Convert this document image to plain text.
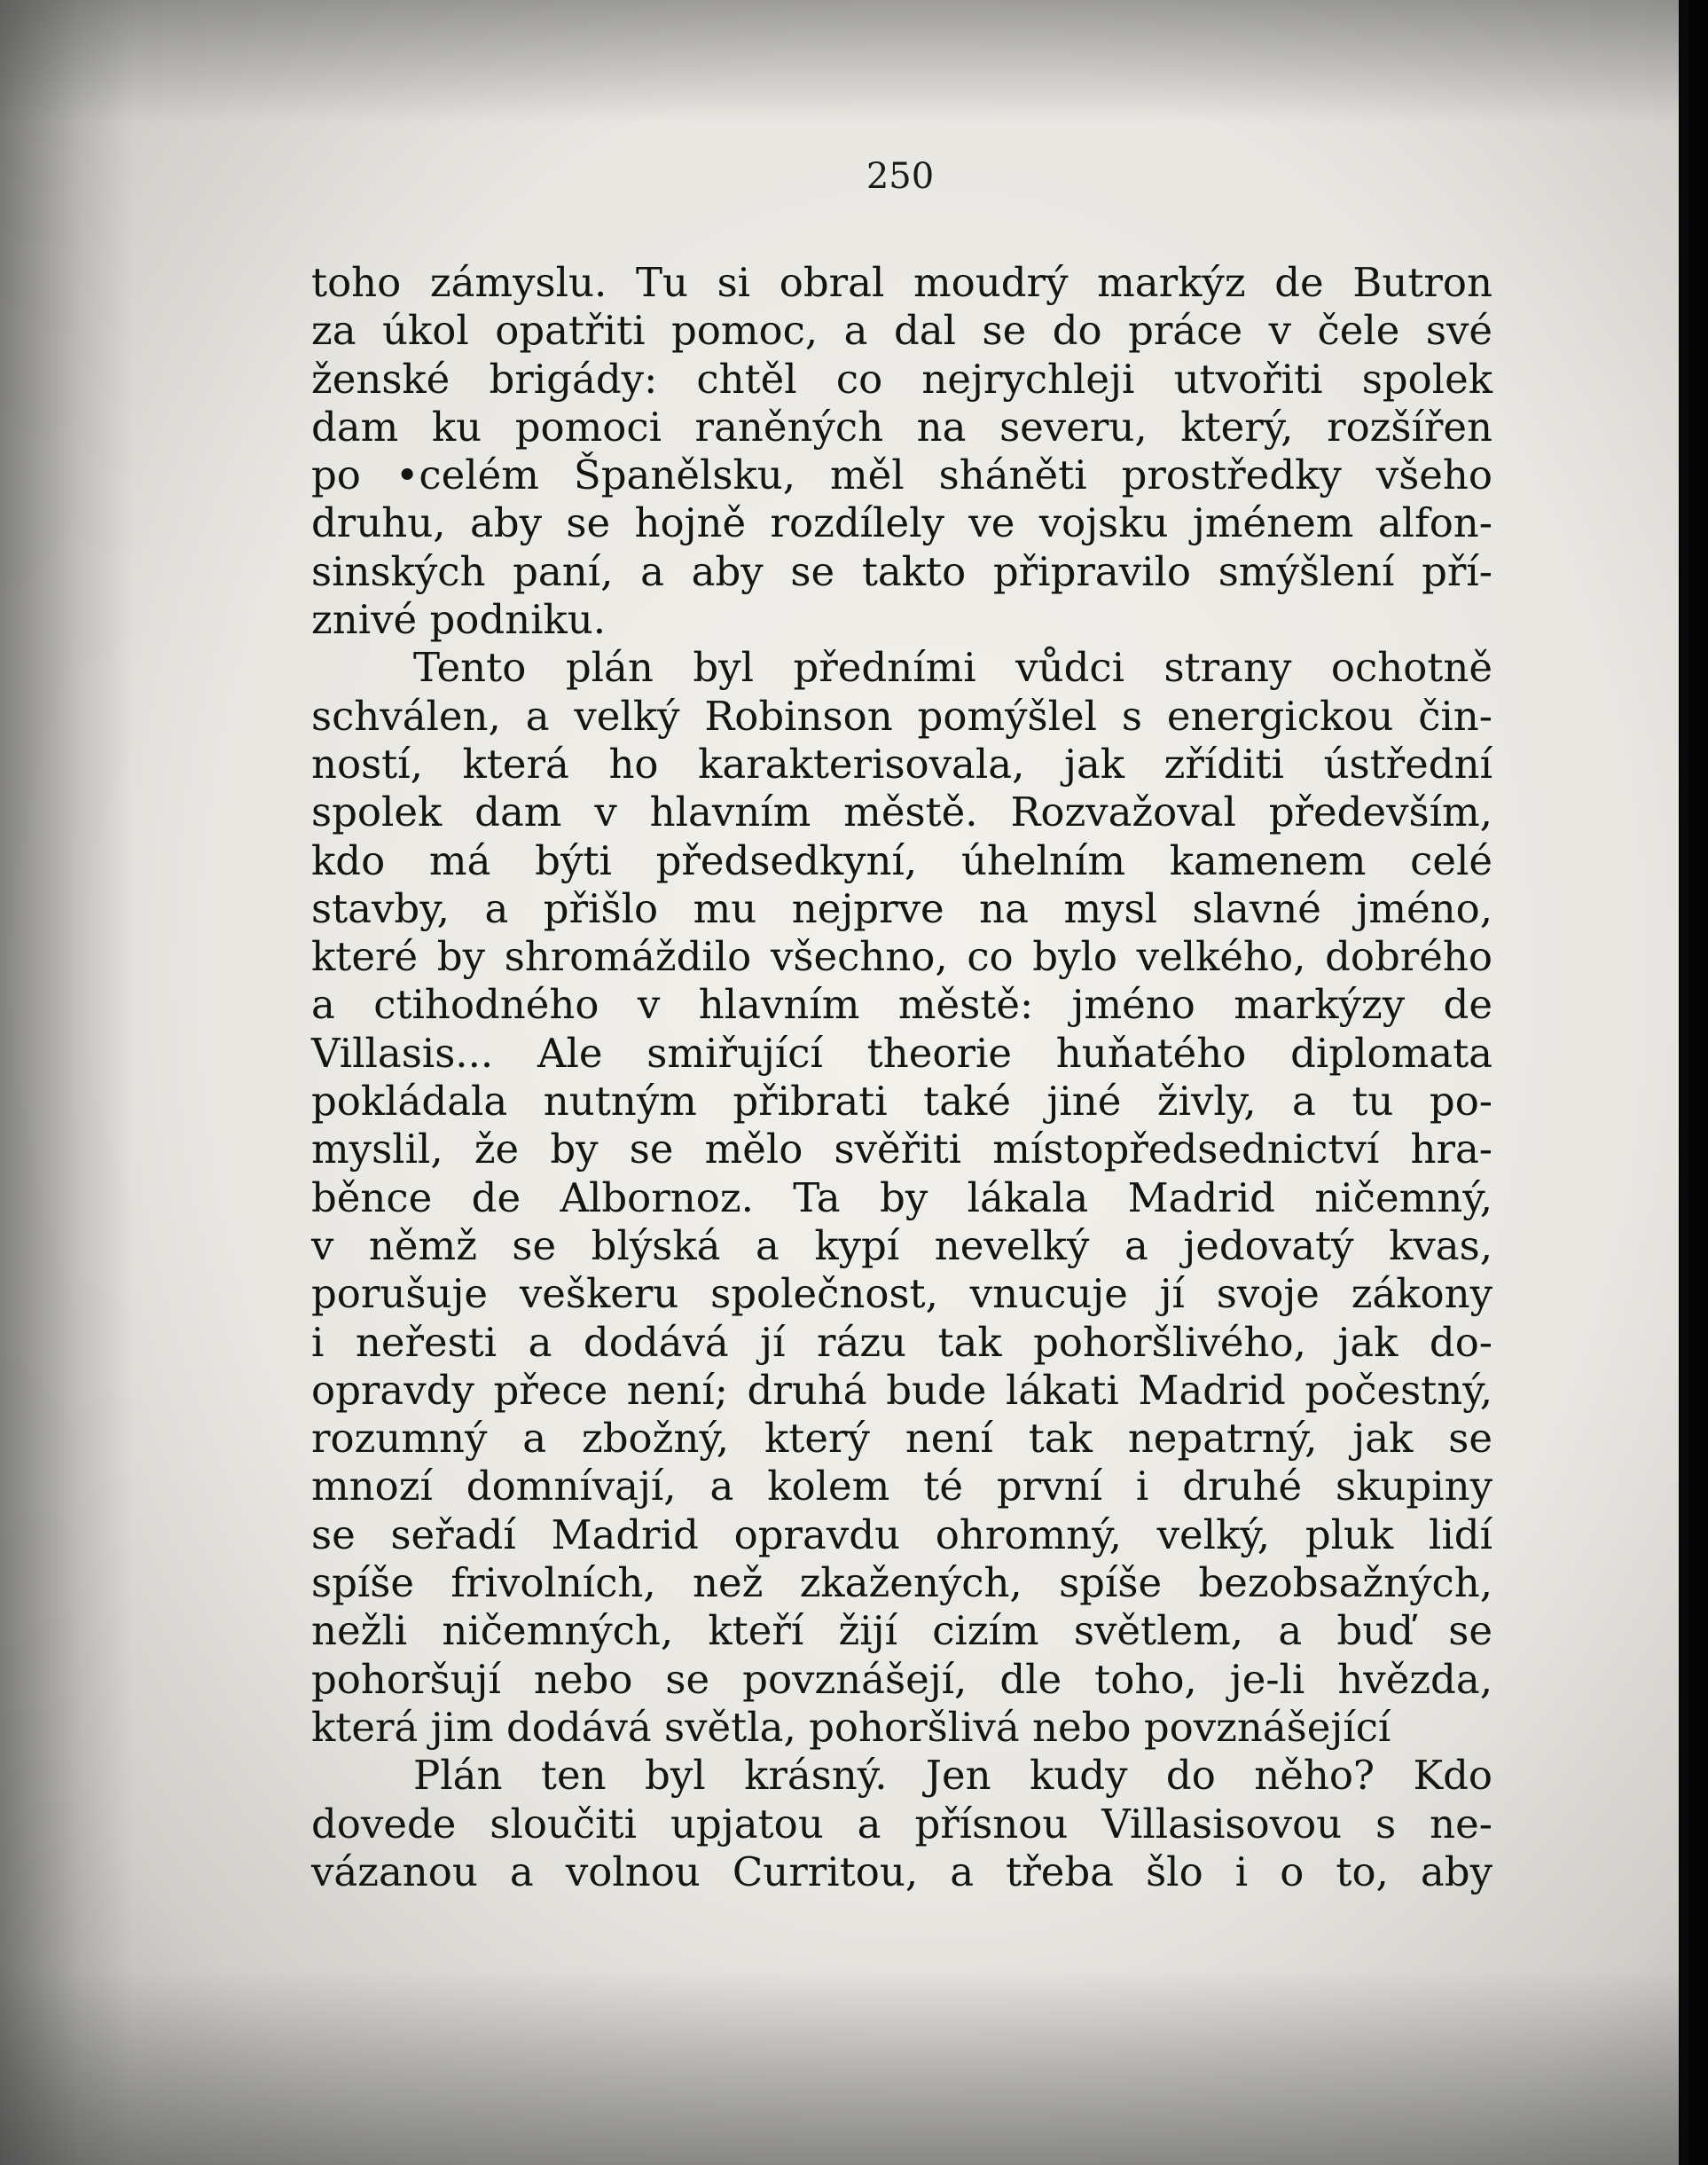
250
toho zámyslu. Tu si obral moudrý markýz de Butron
za úkol opatřiti pomoc, a dal se do práce v čele své
ženské brigády: chtěl co nejrychleji utvořiti spolek
dam ku pomoci raněných na severu, který, rozšířen
po •celém Španělsku, měl sháněti prostředky všeho
druhu, aby se hojně rozdílely ve vojsku jménem alfon-
sinských paní, a aby se takto připravilo smýšlení pří-
znivé podniku.
Tento plán byl předními vůdci strany ochotně
schválen, a velký Robinson pomýšlel s energickou čin-
ností, která ho karakterisovala, jak zříditi ústřední
spolek dam v hlavním městě. Rozvažoval především,
kdo má býti předsedkyní, úhelním kamenem celé
stavby, a přišlo mu nejprve na mysl slavné jméno,
které by shromáždilo všechno, co bylo velkého, dobrého
a ctihodného v hlavním městě: jméno markýzy de
Villasis... Ale smiřující theorie huňatého diplomata
pokládala nutným přibrati také jiné živly, a tu po-
myslil, že by se mělo svěřiti místopředsednictví hra-
běnce de Albornoz. Ta by lákala Madrid ničemný,
v němž se blýská a kypí nevelký a jedovatý kvas,
porušuje veškeru společnost, vnucuje jí svoje zákony
i neřesti a dodává jí rázu tak pohoršlivého, jak do-
opravdy přece není; druhá bude lákati Madrid počestný,
rozumný a zbožný, který není tak nepatrný, jak se
mnozí domnívají, a kolem té první i druhé skupiny
se seřadí Madrid opravdu ohromný, velký, pluk lidí
spíše frivolních, než zkažených, spíše bezobsažných,
nežli ničemných, kteří žijí cizím světlem, a buď se
pohoršují nebo se povznášejí, dle toho, je-li hvězda,
která jim dodává světla, pohoršlivá nebo povznášející
Plán ten byl krásný. Jen kudy do něho? Kdo
dovede sloučiti upjatou a přísnou Villasisovou s ne-
vázanou a volnou Curritou, a třeba šlo i o to, aby
